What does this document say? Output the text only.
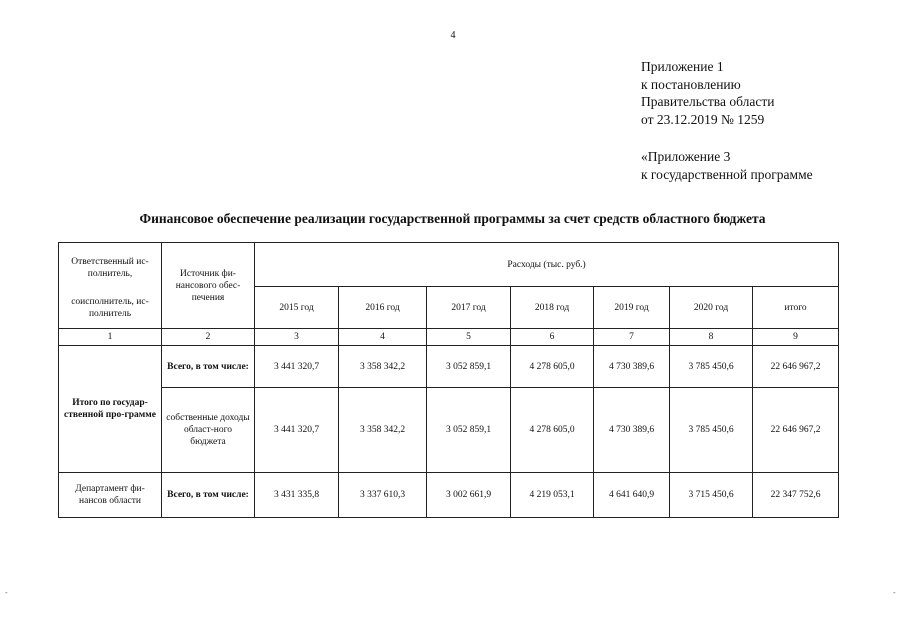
4
Приложение 1
к постановлению
Правительства области
от 23.12.2019 № 1259
«Приложение 3
к государственной программе
Финансовое обеспечение реализации государственной программы за счет средств областного бюджета
Ответственный ис-полнитель,
соисполнитель, ис-полнитель	Источник фи-нансового обес-печения	Расходы (тыс. руб.)						
		2015 год	2016 год	2017 год	2018 год	2019 год	2020 год	итого
1	2	3	4	5	6	7	8	9
Итого по государ-ственной про-грамме	Всего, в том числе:	3 441 320,7	3 358 342,2	3 052 859,1	4 278 605,0	4 730 389,6	3 785 450,6	22 646 967,2
	собственные доходы област-ного бюджета	3 441 320,7	3 358 342,2	3 052 859,1	4 278 605,0	4 730 389,6	3 785 450,6	22 646 967,2
Департамент фи-нансов области	Всего, в том числе:	3 431 335,8	3 337 610,3	3 002 661,9	4 219 053,1	4 641 640,9	3 715 450,6	22 347 752,6
-	-
